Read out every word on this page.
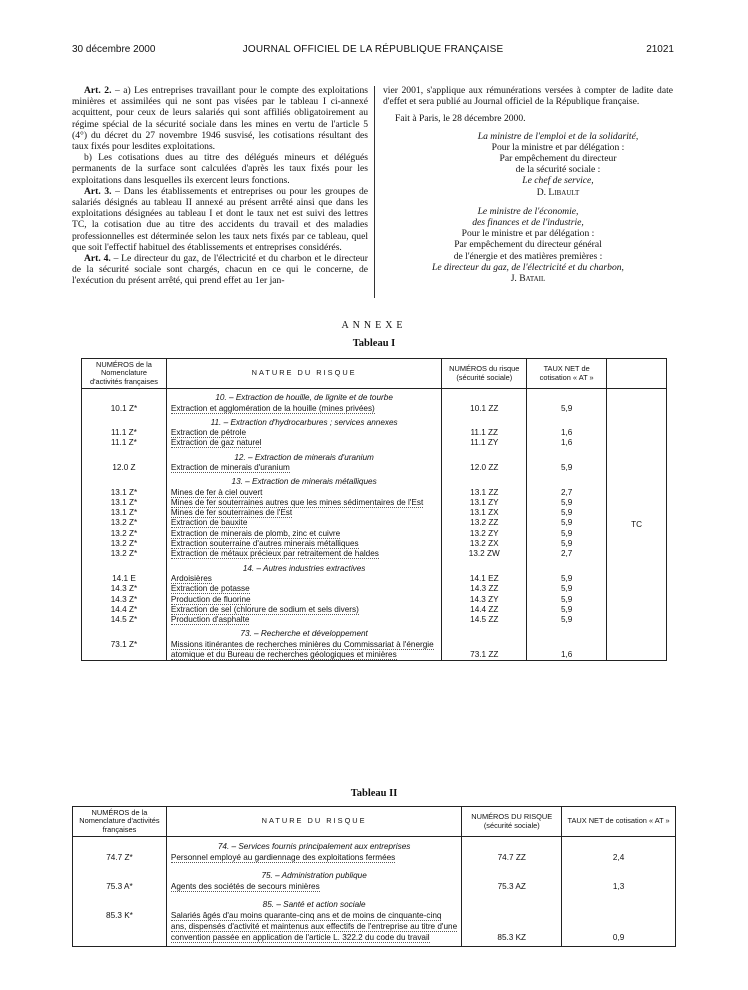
30 décembre 2000	JOURNAL OFFICIEL DE LA RÉPUBLIQUE FRANÇAISE	21021

Art. 2. – a) Les entreprises travaillant pour le compte des exploitations minières et assimilées qui ne sont pas visées par le tableau I ci-annexé acquittent, pour ceux de leurs salariés qui sont affiliés obligatoirement au régime spécial de la sécurité sociale dans les mines en vertu de l'article 5 (4°) du décret du 27 novembre 1946 susvisé, les cotisations résultant des taux fixés pour lesdites exploitations.

b) Les cotisations dues au titre des délégués mineurs et délégués permanents de la surface sont calculées d'après les taux fixés pour les exploitations dans lesquelles ils exercent leurs fonctions.

Art. 3. – Dans les établissements et entreprises ou pour les groupes de salariés désignés au tableau II annexé au présent arrêté ainsi que dans les exploitations désignées au tableau I et dont le taux net est suivi des lettres TC, la cotisation due au titre des accidents du travail et des maladies professionnelles est déterminée selon les taux nets fixés par ce tableau, quel que soit l'effectif habituel des établissements et entreprises considérés.

Art. 4. – Le directeur du gaz, de l'électricité et du charbon et le directeur de la sécurité sociale sont chargés, chacun en ce qui le concerne, de l'exécution du présent arrêté, qui prend effet au 1er jan-

vier 2001, s'applique aux rémunérations versées à compter de ladite date d'effet et sera publié au Journal officiel de la République française.

Fait à Paris, le 28 décembre 2000.

La ministre de l'emploi et de la solidarité,
Pour la ministre et par délégation :
Par empêchement du directeur
de la sécurité sociale :
Le chef de service,
D. Libault
Le ministre de l'économie,
des finances et de l'industrie,
Pour le ministre et par délégation :
Par empêchement du directeur général
de l'énergie et des matières premières :
Le directeur du gaz, de l'électricité et du charbon,
J. Batail
ANNEXE
Tableau I
NUMÉROS de la Nomenclature d'activités françaises	NATURE DU RISQUE	NUMÉROS du risque (sécurité sociale)	TAUX NET de cotisation « AT »	
	10. – Extraction de houille, de lignite et de tourbe			TC
10.1 Z*	Extraction et agglomération de la houille (mines privées)	10.1 ZZ	5,9	
	11. – Extraction d'hydrocarbures ; services annexes			
11.1 Z*	Extraction de pétrole	11.1 ZZ	1,6	
11.1 Z*	Extraction de gaz naturel	11.1 ZY	1,6	
	12. – Extraction de minerais d'uranium			
12.0 Z	Extraction de minerais d'uranium	12.0 ZZ	5,9	
	13. – Extraction de minerais métalliques			
13.1 Z*	Mines de fer à ciel ouvert	13.1 ZZ	2,7	
13.1 Z*	Mines de fer souterraines autres que les mines sédimentaires de l'Est	13.1 ZY	5,9	
13.1 Z*	Mines de fer souterraines de l'Est	13.1 ZX	5,9	
13.2 Z*	Extraction de bauxite	13.2 ZZ	5,9	
13.2 Z*	Extraction de minerais de plomb, zinc et cuivre	13.2 ZY	5,9	
13.2 Z*	Extraction souterraine d'autres minerais métalliques	13.2 ZX	5,9	
13.2 Z*	Extraction de métaux précieux par retraitement de haldes	13.2 ZW	2,7	
	14. – Autres industries extractives			
14.1 E	Ardoisières	14.1 EZ	5,9	
14.3 Z*	Extraction de potasse	14.3 ZZ	5,9	
14.3 Z*	Production de fluorine	14.3 ZY	5,9	
14.4 Z*	Extraction de sel (chlorure de sodium et sels divers)	14.4 ZZ	5,9	
14.5 Z*	Production d'asphalte	14.5 ZZ	5,9	
	73. – Recherche et développement			
73.1 Z*	Missions itinérantes de recherches minières du Commissariat à l'énergie atomique et du Bureau de recherches géologiques et minières	73.1 ZZ	1,6	
Tableau II
NUMÉROS de la Nomenclature d'activités françaises	NATURE DU RISQUE	NUMÉROS DU RISQUE (sécurité sociale)	TAUX NET de cotisation « AT »
	74. – Services fournis principalement aux entreprises		
74.7 Z*	Personnel employé au gardiennage des exploitations fermées	74.7 ZZ	2,4
	75. – Administration publique		
75.3 A*	Agents des sociétés de secours minières	75.3 AZ	1,3
	85. – Santé et action sociale		
85.3 K*	Salariés âgés d'au moins quarante-cinq ans et de moins de cinquante-cinq ans, dispensés d'activité et maintenus aux effectifs de l'entreprise au titre d'une convention passée en application de l'article L. 322.2 du code du travail	85.3 KZ	0,9
